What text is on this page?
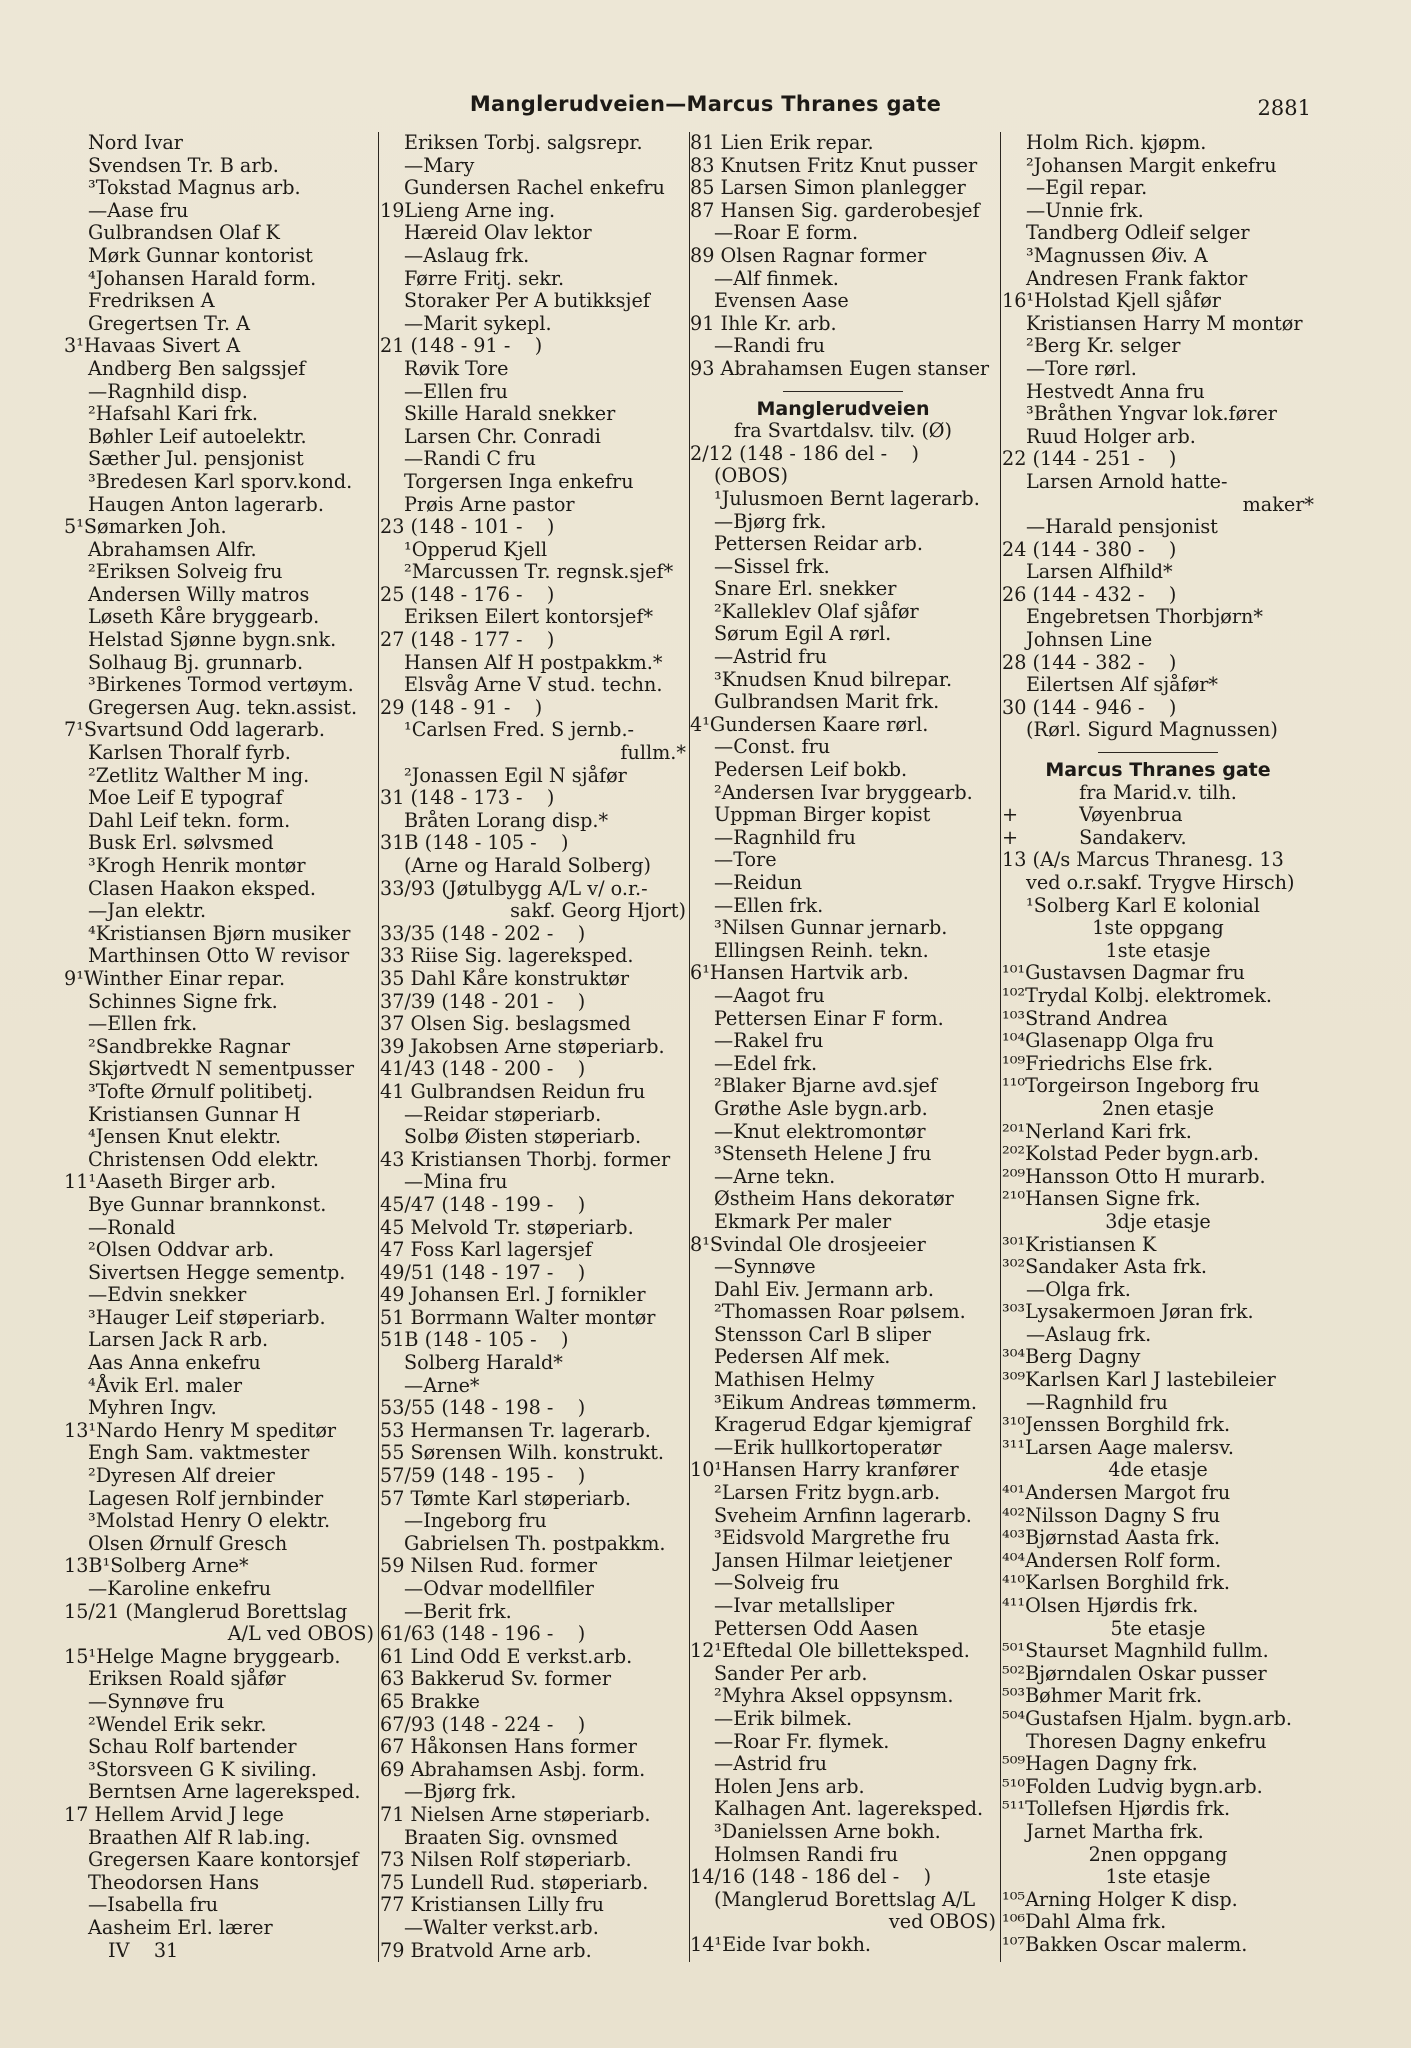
Manglerudveien—Marcus Thranes gate	2881
Nord Ivar
Svendsen Tr. B arb.
³Tokstad Magnus arb.
—Aase fru
Gulbrandsen Olaf K
Mørk Gunnar kontorist
⁴Johansen Harald form.
Fredriksen A
Gregertsen Tr. A
3¹Havaas Sivert A
Andberg Ben salgssjef
—Ragnhild disp.
²Hafsahl Kari frk.
Bøhler Leif autoelektr.
Sæther Jul. pensjonist
³Bredesen Karl sporv.kond.
Haugen Anton lagerarb.
5¹Sømarken Joh.
Abrahamsen Alfr.
²Eriksen Solveig fru
Andersen Willy matros
Løseth Kåre bryggearb.
Helstad Sjønne bygn.snk.
Solhaug Bj. grunnarb.
³Birkenes Tormod vertøym.
Gregersen Aug. tekn.assist.
7¹Svartsund Odd lagerarb.
Karlsen Thoralf fyrb.
²Zetlitz Walther M ing.
Moe Leif E typograf
Dahl Leif tekn. form.
Busk Erl. sølvsmed
³Krogh Henrik montør
Clasen Haakon eksped.
—Jan elektr.
⁴Kristiansen Bjørn musiker
Marthinsen Otto W revisor
9¹Winther Einar repar.
Schinnes Signe frk.
—Ellen frk.
²Sandbrekke Ragnar
Skjørtvedt N sementpusser
³Tofte Ørnulf politibetj.
Kristiansen Gunnar H
⁴Jensen Knut elektr.
Christensen Odd elektr.
11¹Aaseth Birger arb.
Bye Gunnar brannkonst.
—Ronald
²Olsen Oddvar arb.
Sivertsen Hegge sementp.
—Edvin snekker
³Hauger Leif støperiarb.
Larsen Jack R arb.
Aas Anna enkefru
⁴Åvik Erl. maler
Myhren Ingv.
13¹Nardo Henry M speditør
Engh Sam. vaktmester
²Dyresen Alf dreier
Lagesen Rolf jernbinder
³Molstad Henry O elektr.
Olsen Ørnulf Gresch
13B¹Solberg Arne*
—Karoline enkefru
15/21 (Manglerud Borettslag
A/L ved OBOS)
15¹Helge Magne bryggearb.
Eriksen Roald sjåfør
—Synnøve fru
²Wendel Erik sekr.
Schau Rolf bartender
³Storsveen G K siviling.
Berntsen Arne lagereksped.
17 Hellem Arvid J lege
Braathen Alf R lab.ing.
Gregersen Kaare kontorsjef
Theodorsen Hans
—Isabella fru
Aasheim Erl. lærer
IV    31
Eriksen Torbj. salgsrepr.
—Mary
Gundersen Rachel enkefru
19Lieng Arne ing.
Hæreid Olav lektor
—Aslaug frk.
Førre Fritj. sekr.
Storaker Per A butikksjef
—Marit sykepl.
21 (148 - 91 -    )
Røvik Tore
—Ellen fru
Skille Harald snekker
Larsen Chr. Conradi
—Randi C fru
Torgersen Inga enkefru
Prøis Arne pastor
23 (148 - 101 -    )
¹Opperud Kjell
²Marcussen Tr. regnsk.sjef*
25 (148 - 176 -    )
Eriksen Eilert kontorsjef*
27 (148 - 177 -    )
Hansen Alf H postpakkm.*
Elsvåg Arne V stud. techn.
29 (148 - 91 -    )
¹Carlsen Fred. S jernb.-
fullm.*
²Jonassen Egil N sjåfør
31 (148 - 173 -    )
Bråten Lorang disp.*
31B (148 - 105 -    )
(Arne og Harald Solberg)
33/93 (Jøtulbygg A/L v/ o.r.-
sakf. Georg Hjort)
33/35 (148 - 202 -    )
33 Riise Sig. lagereksped.
35 Dahl Kåre konstruktør
37/39 (148 - 201 -    )
37 Olsen Sig. beslagsmed
39 Jakobsen Arne støperiarb.
41/43 (148 - 200 -    )
41 Gulbrandsen Reidun fru
—Reidar støperiarb.
Solbø Øisten støperiarb.
43 Kristiansen Thorbj. former
—Mina fru
45/47 (148 - 199 -    )
45 Melvold Tr. støperiarb.
47 Foss Karl lagersjef
49/51 (148 - 197 -    )
49 Johansen Erl. J fornikler
51 Borrmann Walter montør
51B (148 - 105 -    )
Solberg Harald*
—Arne*
53/55 (148 - 198 -    )
53 Hermansen Tr. lagerarb.
55 Sørensen Wilh. konstrukt.
57/59 (148 - 195 -    )
57 Tømte Karl støperiarb.
—Ingeborg fru
Gabrielsen Th. postpakkm.
59 Nilsen Rud. former
—Odvar modellfiler
—Berit frk.
61/63 (148 - 196 -    )
61 Lind Odd E verkst.arb.
63 Bakkerud Sv. former
65 Brakke
67/93 (148 - 224 -    )
67 Håkonsen Hans former
69 Abrahamsen Asbj. form.
—Bjørg frk.
71 Nielsen Arne støperiarb.
Braaten Sig. ovnsmed
73 Nilsen Rolf støperiarb.
75 Lundell Rud. støperiarb.
77 Kristiansen Lilly fru
—Walter verkst.arb.
79 Bratvold Arne arb.
81 Lien Erik repar.
83 Knutsen Fritz Knut pusser
85 Larsen Simon planlegger
87 Hansen Sig. garderobesjef
—Roar E form.
89 Olsen Ragnar former
—Alf finmek.
Evensen Aase
91 Ihle Kr. arb.
—Randi fru
93 Abrahamsen Eugen stanser
Manglerudveien
fra Svartdalsv. tilv. (Ø)
2/12 (148 - 186 del -    )
(OBOS)
¹Julusmoen Bernt lagerarb.
—Bjørg frk.
Pettersen Reidar arb.
—Sissel frk.
Snare Erl. snekker
²Kalleklev Olaf sjåfør
Sørum Egil A rørl.
—Astrid fru
³Knudsen Knud bilrepar.
Gulbrandsen Marit frk.
4¹Gundersen Kaare rørl.
—Const. fru
Pedersen Leif bokb.
²Andersen Ivar bryggearb.
Uppman Birger kopist
—Ragnhild fru
—Tore
—Reidun
—Ellen frk.
³Nilsen Gunnar jernarb.
Ellingsen Reinh. tekn.
6¹Hansen Hartvik arb.
—Aagot fru
Pettersen Einar F form.
—Rakel fru
—Edel frk.
²Blaker Bjarne avd.sjef
Grøthe Asle bygn.arb.
—Knut elektromontør
³Stenseth Helene J fru
—Arne tekn.
Østheim Hans dekoratør
Ekmark Per maler
8¹Svindal Ole drosjeeier
—Synnøve
Dahl Eiv. Jermann arb.
²Thomassen Roar pølsem.
Stensson Carl B sliper
Pedersen Alf mek.
Mathisen Helmy
³Eikum Andreas tømmerm.
Kragerud Edgar kjemigraf
—Erik hullkortoperatør
10¹Hansen Harry kranfører
²Larsen Fritz bygn.arb.
Sveheim Arnfinn lagerarb.
³Eidsvold Margrethe fru
Jansen Hilmar leietjener
—Solveig fru
—Ivar metallsliper
Pettersen Odd Aasen
12¹Eftedal Ole billetteksped.
Sander Per arb.
²Myhra Aksel oppsynsm.
—Erik bilmek.
—Roar Fr. flymek.
—Astrid fru
Holen Jens arb.
Kalhagen Ant. lagereksped.
³Danielssen Arne bokh.
Holmsen Randi fru
14/16 (148 - 186 del -    )
(Manglerud Borettslag A/L
ved OBOS)
14¹Eide Ivar bokh.
Holm Rich. kjøpm.
²Johansen Margit enkefru
—Egil repar.
—Unnie frk.
Tandberg Odleif selger
³Magnussen Øiv. A
Andresen Frank faktor
16¹Holstad Kjell sjåfør
Kristiansen Harry M montør
²Berg Kr. selger
—Tore rørl.
Hestvedt Anna fru
³Bråthen Yngvar lok.fører
Ruud Holger arb.
22 (144 - 251 -    )
Larsen Arnold hatte-
maker*
—Harald pensjonist
24 (144 - 380 -    )
Larsen Alfhild*
26 (144 - 432 -    )
Engebretsen Thorbjørn*
Johnsen Line
28 (144 - 382 -    )
Eilertsen Alf sjåfør*
30 (144 - 946 -    )
(Rørl. Sigurd Magnussen)
Marcus Thranes gate
fra Marid.v. tilh.
+          Vøyenbrua
+          Sandakerv.
13 (A/s Marcus Thranesg. 13
ved o.r.sakf. Trygve Hirsch)
¹Solberg Karl E kolonial
1ste oppgang
1ste etasje
¹⁰¹Gustavsen Dagmar fru
¹⁰²Trydal Kolbj. elektromek.
¹⁰³Strand Andrea
¹⁰⁴Glasenapp Olga fru
¹⁰⁹Friedrichs Else frk.
¹¹⁰Torgeirson Ingeborg fru
2nen etasje
²⁰¹Nerland Kari frk.
²⁰²Kolstad Peder bygn.arb.
²⁰⁹Hansson Otto H murarb.
²¹⁰Hansen Signe frk.
3dje etasje
³⁰¹Kristiansen K
³⁰²Sandaker Asta frk.
—Olga frk.
³⁰³Lysakermoen Jøran frk.
—Aslaug frk.
³⁰⁴Berg Dagny
³⁰⁹Karlsen Karl J lastebileier
—Ragnhild fru
³¹⁰Jenssen Borghild frk.
³¹¹Larsen Aage malersv.
4de etasje
⁴⁰¹Andersen Margot fru
⁴⁰²Nilsson Dagny S fru
⁴⁰³Bjørnstad Aasta frk.
⁴⁰⁴Andersen Rolf form.
⁴¹⁰Karlsen Borghild frk.
⁴¹¹Olsen Hjørdis frk.
5te etasje
⁵⁰¹Staurset Magnhild fullm.
⁵⁰²Bjørndalen Oskar pusser
⁵⁰³Bøhmer Marit frk.
⁵⁰⁴Gustafsen Hjalm. bygn.arb.
Thoresen Dagny enkefru
⁵⁰⁹Hagen Dagny frk.
⁵¹⁰Folden Ludvig bygn.arb.
⁵¹¹Tollefsen Hjørdis frk.
Jarnet Martha frk.
2nen oppgang
1ste etasje
¹⁰⁵Arning Holger K disp.
¹⁰⁶Dahl Alma frk.
¹⁰⁷Bakken Oscar malerm.
